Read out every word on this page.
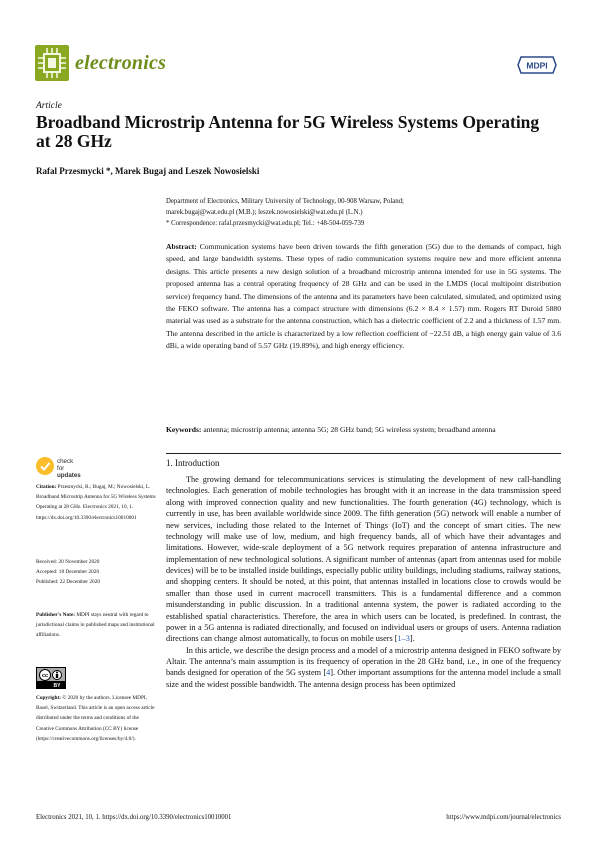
electronics	MDPI
Article
Broadband Microstrip Antenna for 5G Wireless Systems Operating at 28 GHz
Rafal Przesmycki *, Marek Bugaj and Leszek Nowosielski
Department of Electronics, Military University of Technology, 00-908 Warsaw, Poland;
marek.bugaj@wat.edu.pl (M.B.); leszek.nowosielski@wat.edu.pl (L.N.)
* Correspondence: rafal.przesmycki@wat.edu.pl; Tel.: +48-504-059-739
Abstract: Communication systems have been driven towards the fifth generation (5G) due to the demands of compact, high speed, and large bandwidth systems. These types of radio communication systems require new and more efficient antenna designs. This article presents a new design solution of a broadband microstrip antenna intended for use in 5G systems. The proposed antenna has a central operating frequency of 28 GHz and can be used in the LMDS (local multipoint distribution service) frequency band. The dimensions of the antenna and its parameters have been calculated, simulated, and optimized using the FEKO software. The antenna has a compact structure with dimensions (6.2 × 8.4 × 1.57) mm. Rogers RT Duroid 5880 material was used as a substrate for the antenna construction, which has a dielectric coefficient of 2.2 and a thickness of 1.57 mm. The antenna described in the article is characterized by a low reflection coefficient of −22.51 dB, a high energy gain value of 3.6 dBi, a wide operating band of 5.57 GHz (19.89%), and high energy efficiency.
Keywords: antenna; microstrip antenna; antenna 5G; 28 GHz band; 5G wireless system; broadband antenna
check for
updates
Citation: Przesmycki, R.; Bugaj, M.; Nowosielski, L. Broadband Microstrip Antenna for 5G Wireless Systems Operating at 28 GHz. Electronics 2021, 10, 1. https://dx.doi.org/10.3390/electronics10010001
Received: 20 November 2020
Accepted: 18 December 2020
Published: 22 December 2020
Publisher's Note: MDPI stays neutral with regard to jurisdictional claims in published maps and institutional affiliations.
cc
BY
Copyright: © 2020 by the authors. Licensee MDPI, Basel, Switzerland. This article is an open access article distributed under the terms and conditions of the Creative Commons Attribution (CC BY) license (https://creativecommons.org/licenses/by/4.0/).
1. Introduction

The growing demand for telecommunications services is stimulating the development of new call-handling technologies. Each generation of mobile technologies has brought with it an increase in the data transmission speed along with improved connection quality and new functionalities. The fourth generation (4G) technology, which is currently in use, has been available worldwide since 2009. The fifth generation (5G) network will enable a number of new services, including those related to the Internet of Things (IoT) and the concept of smart cities. The new technology will make use of low, medium, and high frequency bands, all of which have their advantages and limitations. However, wide-scale deployment of a 5G network requires preparation of antenna infrastructure and implementation of new technological solutions. A significant number of antennas (apart from antennas used for mobile devices) will be to be installed inside buildings, especially public utility buildings, including stadiums, railway stations, and shopping centers. It should be noted, at this point, that antennas installed in locations close to crowds would be smaller than those used in current macrocell transmitters. This is a fundamental difference and a common misunderstanding in public discussion. In a traditional antenna system, the power is radiated according to the established spatial characteristics. Therefore, the area in which users can be located, is predefined. In contrast, the power in a 5G antenna is radiated directionally, and focused on individual users or groups of users. Antenna radiation directions can change almost automatically, to focus on mobile users [1–3].

In this article, we describe the design process and a model of a microstrip antenna designed in FEKO software by Altair. The antenna’s main assumption is its frequency of operation in the 28 GHz band, i.e., in one of the frequency bands designed for operation of the 5G system [4]. Other important assumptions for the antenna model include a small size and the widest possible bandwidth. The antenna design process has been optimized

Electronics 2021, 10, 1. https://dx.doi.org/10.3390/electronics10010001	https://www.mdpi.com/journal/electronics
